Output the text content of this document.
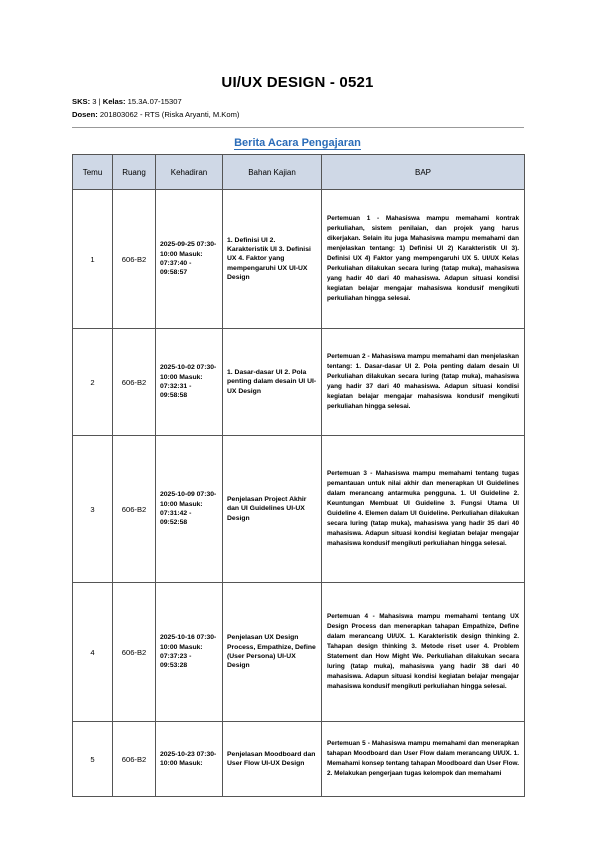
UI/UX DESIGN - 0521
SKS: 3 | Kelas: 15.3A.07-15307
Dosen: 201803062 - RTS (Riska Aryanti, M.Kom)
Berita Acara Pengajaran
Temu	Ruang	Kehadiran	Bahan Kajian	BAP
1	606-B2	2025-09-25 07:30-10:00 Masuk: 07:37:40 - 09:58:57	1. Definisi UI 2. Karakteristik UI 3. Definisi UX 4. Faktor yang mempengaruhi UX UI-UX Design	Pertemuan 1 - Mahasiswa mampu memahami kontrak perkuliahan, sistem penilaian, dan projek yang harus dikerjakan. Selain itu juga Mahasiswa mampu memahami dan menjelaskan tentang: 1) Definisi UI 2) Karakteristik UI 3). Definisi UX 4) Faktor yang mempengaruhi UX 5. UI/UX Kelas Perkuliahan dilakukan secara luring (tatap muka), mahasiswa yang hadir 40 dari 40 mahasiswa. Adapun situasi kondisi kegiatan belajar mengajar mahasiswa kondusif mengikuti perkuliahan hingga selesai.
2	606-B2	2025-10-02 07:30-10:00 Masuk: 07:32:31 - 09:58:58	1. Dasar-dasar UI 2. Pola penting dalam desain UI UI-UX Design	Pertemuan 2 - Mahasiswa mampu memahami dan menjelaskan tentang: 1. Dasar-dasar UI 2. Pola penting dalam desain UI Perkuliahan dilakukan secara luring (tatap muka), mahasiswa yang hadir 37 dari 40 mahasiswa. Adapun situasi kondisi kegiatan belajar mengajar mahasiswa kondusif mengikuti perkuliahan hingga selesai.
3	606-B2	2025-10-09 07:30-10:00 Masuk: 07:31:42 - 09:52:58	Penjelasan Project Akhir dan UI Guidelines UI-UX Design	Pertemuan 3 - Mahasiswa mampu memahami tentang tugas pemantauan untuk nilai akhir dan menerapkan UI Guidelines dalam merancang antarmuka pengguna. 1. UI Guideline 2. Keuntungan Membuat UI Guideline 3. Fungsi Utama UI Guideline 4. Elemen dalam UI Guideline. Perkuliahan dilakukan secara luring (tatap muka), mahasiswa yang hadir 35 dari 40 mahasiswa. Adapun situasi kondisi kegiatan belajar mengajar mahasiswa kondusif mengikuti perkuliahan hingga selesai.
4	606-B2	2025-10-16 07:30-10:00 Masuk: 07:37:23 - 09:53:28	Penjelasan UX Design Process, Empathize, Define (User Persona) UI-UX Design	Pertemuan 4 - Mahasiswa mampu memahami tentang UX Design Process dan menerapkan tahapan Empathize, Define dalam merancang UI/UX. 1. Karakteristik design thinking 2. Tahapan design thinking 3. Metode riset user 4. Problem Statement dan How Might We. Perkuliahan dilakukan secara luring (tatap muka), mahasiswa yang hadir 38 dari 40 mahasiswa. Adapun situasi kondisi kegiatan belajar mengajar mahasiswa kondusif mengikuti perkuliahan hingga selesai.
5	606-B2	2025-10-23 07:30-10:00 Masuk:	Penjelasan Moodboard dan User Flow UI-UX Design	Pertemuan 5 - Mahasiswa mampu memahami dan menerapkan tahapan Moodboard dan User Flow dalam merancang UI/UX. 1. Memahami konsep tentang tahapan Moodboard dan User Flow. 2. Melakukan pengerjaan tugas kelompok dan memahami
